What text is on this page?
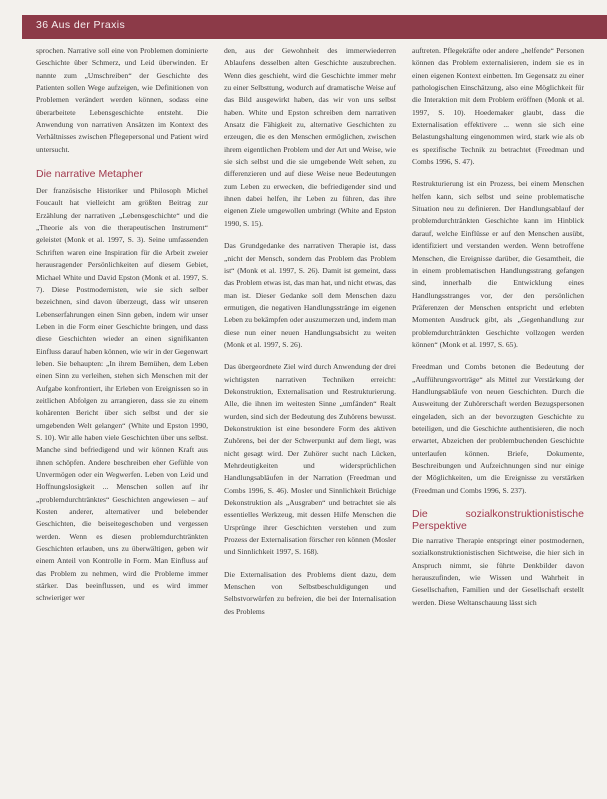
36 Aus der Praxis

sprochen. Narrative soll eine von Problemen dominierte Geschichte über Schmerz, und Leid überwinden. Er nannte zum „Umschreiben“ der Geschichte des Patienten sollen Wege aufzeigen, wie Definitionen von Problemen verändert werden können, sodass eine überarbeitete Lebensgeschichte entsteht. Die Anwendung von narrativen Ansätzen im Kontext des Verhältnisses zwischen Pflegepersonal und Patient wird untersucht.

Die narrative Metapher

Der französische Historiker und Philosoph Michel Foucault hat vielleicht am größten Beitrag zur Erzählung der narrativen „Lebensgeschichte“ und die „Theorie als von die therapeutischen Instrument“ geleistet (Monk et al. 1997, S. 3). Seine umfassenden Schriften waren eine Inspiration für die Arbeit zweier herausragender Persönlichkeiten auf diesem Gebiet, Michael White und David Epston (Monk et al. 1997, S. 7). Diese Postmodernisten, wie sie sich selber bezeichnen, sind davon überzeugt, dass wir unseren Lebenserfahrungen einen Sinn geben, indem wir unser Leben in die Form einer Geschichte bringen, und dass diese Geschichten wieder an einen signifikanten Einfluss darauf haben können, wie wir in der Gegenwart leben. Sie behaupten: „In ihrem Bemühen, dem Leben einen Sinn zu verleihen, stehen sich Menschen mit der Aufgabe konfrontiert, ihr Erleben von Ereignissen so in zeitlichen Abfolgen zu arrangieren, dass sie zu einem kohärenten Bericht über sich selbst und der sie umgebenden Welt gelangen“ (White und Epston 1990, S. 10). Wir alle haben viele Geschichten über uns selbst. Manche sind befriedigend und wir können Kraft aus ihnen schöpfen. Andere beschreiben eher Gefühle von Unvermögen oder ein Wegwerfen. Leben von Leid und Hoffnungslosigkeit ... Menschen sollen auf ihr „problemdurchtränktes“ Geschichten angewiesen – auf Kosten anderer, alternativer und belebender Geschichten, die beiseitegeschoben und vergessen werden. Wenn es diesen problemdurchtränkten Geschichten erlauben, uns zu überwältigen, geben wir einem Anteil von Kontrolle in Form. Man Einfluss auf das Problem zu nehmen, wird die Probleme immer stärker. Das beeinflussen, und es wird immer schwieriger wer

den, aus der Gewohnheit des immerwiederren Ablaufens desselben alten Geschichte auszubrechen. Wenn dies geschieht, wird die Geschichte immer mehr zu einer Selbsttung, wodurch auf dramatische Weise auf das Bild ausgewirkt haben, das wir von uns selbst haben. White und Epston schreiben dem narrativen Ansatz die Fähigkeit zu, alternative Geschichten zu erzeugen, die es den Menschen ermöglichen, zwischen ihrem eigentlichen Problem und der Art und Weise, wie sie sich selbst und die sie umgebende Welt sehen, zu differenzieren und auf diese Weise neue Bedeutungen zum Leben zu erwecken, die befriedigender sind und ihnen dabei helfen, ihr Leben zu führen, das ihre eigenen Ziele umgewollen umbringt (White and Epston 1990, S. 15).

Das Grundgedanke des narrativen Therapie ist, dass „nicht der Mensch, sondern das Problem das Problem ist“ (Monk et al. 1997, S. 26). Damit ist gemeint, dass das Problem etwas ist, das man hat, und nicht etwas, das man ist. Dieser Gedanke soll dem Menschen dazu ermutigen, die negativen Handlungsstränge im eigenen Leben zu bekämpfen oder auszumerzen und, indem man diese nun einer neuen Handlungsabsicht zu weiten (Monk et al. 1997, S. 26).

Das übergeordnete Ziel wird durch Anwendung der drei wichtigsten narrativen Techniken erreicht: Dekonstruktion, Externalisation und Restrukturierung. Alle, die ihnen im weitesten Sinne „umfänden“ Realt wurden, sind sich der Bedeutung des Zuhörens bewusst. Dekonstruktion ist eine besondere Form des aktiven Zuhörens, bei der der Schwerpunkt auf dem liegt, was nicht gesagt wird. Der Zuhörer sucht nach Lücken, Mehrdeutigkeiten und widersprüchlichen Handlungsabläufen in der Narration (Freedman und Combs 1996, S. 46). Mosler und Sinnlichkeit Brüchige Dekonstruktion als „Ausgraben“ und betrachtet sie als essentielles Werkzeug, mit dessen Hilfe Menschen die Ursprünge ihrer Geschichten verstehen und zum Prozess der Externalisation förscher ren können (Mosler und Sinnlichkeit 1997, S. 168).

Die Externalisation des Problems dient dazu, dem Menschen von Selbstbeschuldigungen und Selbstvorwürfen zu befreien, die bei der Internalisation des Problems

auftreten. Pflegekräfte oder andere „helfende“ Personen können das Problem externalisieren, indem sie es in einen eigenen Kontext einbetten. Im Gegensatz zu einer pathologischen Einschätzung, also eine Möglichkeit für die Interaktion mit dem Problem eröffnen (Monk et al. 1997, S. 10). Hoedemaker glaubt, dass die Externalisation effektivere ... wenn sie sich eine Belastungshaltung eingenommen wird, stark wie als ob es spezifische Technik zu betrachtet (Freedman und Combs 1996, S. 47).

Restrukturierung ist ein Prozess, bei einem Menschen helfen kann, sich selbst und seine problematische Situation neu zu definieren. Der Handlungsablauf der problemdurchtränkten Geschichte kann im Hinblick darauf, welche Einflüsse er auf den Menschen ausübt, identifiziert und verstanden werden. Wenn betroffene Menschen, die Ereignisse darüber, die Gesamtheit, die in einem problematischen Handlungsstrang gefangen sind, innerhalb die Entwicklung eines Handlungsstranges vor, der den persönlichen Präferenzen der Menschen entspricht und erlebten Momenten Ausdruck gibt, als „Gegenhandlung zur problemdurchtränkten Geschichte vollzogen werden können“ (Monk et al. 1997, S. 65).

Freedman und Combs betonen die Bedeutung der „Aufführungsvorträge“ als Mittel zur Verstärkung der Handlungsabläufe von neuen Geschichten. Durch die Ausweitung der Zuhörerschaft werden Bezugspersonen eingeladen, sich an der bevorzugten Geschichte zu beteiligen, und die Geschichte authentisieren, die noch erwartet, Abzeichen der problembuchenden Geschichte unterlaufen können. Briefe, Dokumente, Beschreibungen und Aufzeichnungen sind nur einige der Möglichkeiten, um die Ereignisse zu verstärken (Freedman und Combs 1996, S. 237).

Die sozialkonstruktionistische Perspektive

Die narrative Therapie entspringt einer postmodernen, sozialkonstruktionistischen Sichtweise, die hier sich in Anspruch nimmt, sie führte Denkbilder davon herauszufinden, wie Wissen und Wahrheit in Gesellschaften, Familien und der Gesellschaft erstellt werden. Diese Weltanschauung lässt sich
